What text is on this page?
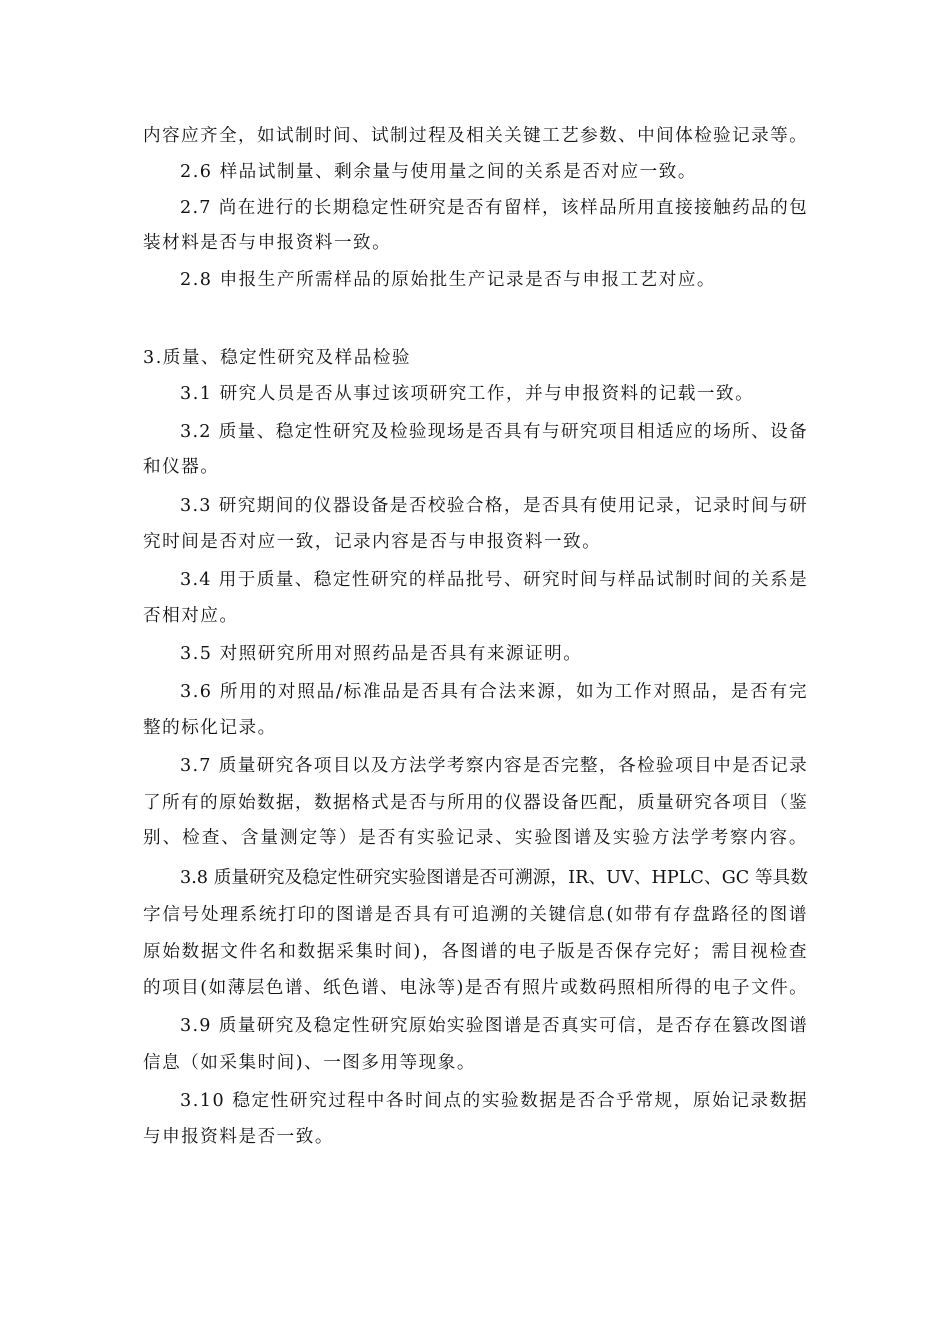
内容应齐全，如试制时间、试制过程及相关关键工艺参数、中间体检验记录等。
2.6 样品试制量、剩余量与使用量之间的关系是否对应一致。
2.7 尚在进行的长期稳定性研究是否有留样，该样品所用直接接触药品的包
装材料是否与申报资料一致。
2.8 申报生产所需样品的原始批生产记录是否与申报工艺对应。
3.质量、稳定性研究及样品检验
3.1 研究人员是否从事过该项研究工作，并与申报资料的记载一致。
3.2 质量、稳定性研究及检验现场是否具有与研究项目相适应的场所、设备
和仪器。
3.3 研究期间的仪器设备是否校验合格，是否具有使用记录，记录时间与研
究时间是否对应一致，记录内容是否与申报资料一致。
3.4 用于质量、稳定性研究的样品批号、研究时间与样品试制时间的关系是
否相对应。
3.5 对照研究所用对照药品是否具有来源证明。
3.6 所用的对照品/标准品是否具有合法来源，如为工作对照品，是否有完
整的标化记录。
3.7 质量研究各项目以及方法学考察内容是否完整，各检验项目中是否记录
了所有的原始数据，数据格式是否与所用的仪器设备匹配，质量研究各项目（鉴
别、检查、含量测定等）是否有实验记录、实验图谱及实验方法学考察内容。
3.8 质量研究及稳定性研究实验图谱是否可溯源，IR、UV、HPLC、GC 等具数
字信号处理系统打印的图谱是否具有可追溯的关键信息(如带有存盘路径的图谱
原始数据文件名和数据采集时间)，各图谱的电子版是否保存完好；需目视检查
的项目(如薄层色谱、纸色谱、电泳等)是否有照片或数码照相所得的电子文件。
3.9 质量研究及稳定性研究原始实验图谱是否真实可信，是否存在篡改图谱
信息（如采集时间)、一图多用等现象。
3.10 稳定性研究过程中各时间点的实验数据是否合乎常规，原始记录数据
与申报资料是否一致。
